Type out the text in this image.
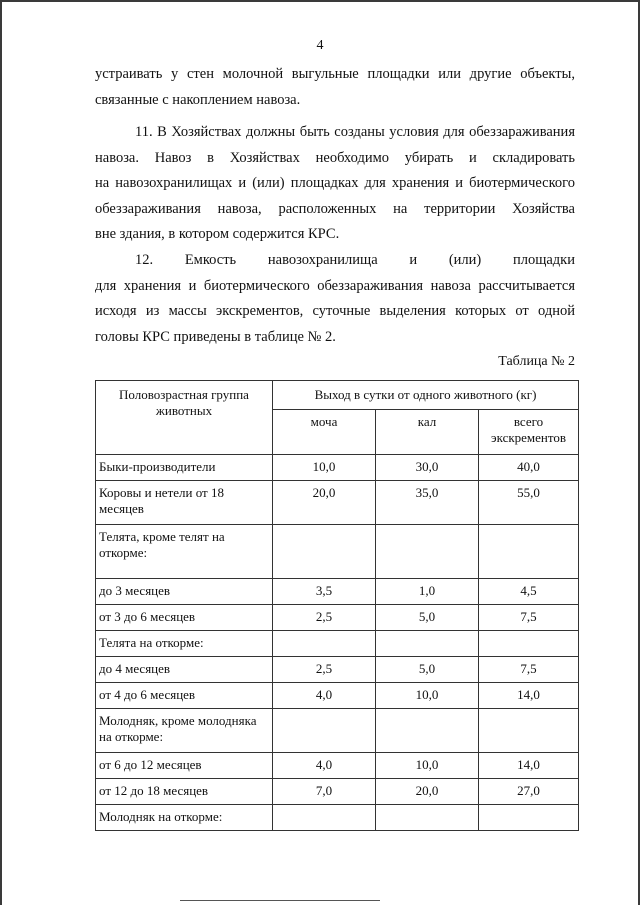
4

устраивать у стен молочной выгульные площадки или другие объекты,

связанные с накоплением навоза.

11. В Хозяйствах должны быть созданы условия для обеззараживания

навоза. Навоз в Хозяйствах необходимо убирать и складировать

на навозохранилищах и (или) площадках для хранения и биотермического

обеззараживания навоза, расположенных на территории Хозяйства

вне здания, в котором содержится КРС.

12. Емкость навозохранилища и (или) площадки

для хранения и биотермического обеззараживания навоза рассчитывается

исходя из массы экскрементов, суточные выделения которых от одной

головы КРС приведены в таблице № 2.

Таблица № 2
Половозрастная группа животных	Выход в сутки от одного животного (кг)		
	моча	кал	всего экскрементов
Быки-производители	10,0	30,0	40,0
Коровы и нетели от 18 месяцев	20,0	35,0	55,0
Телята, кроме телят на откорме:			
до 3 месяцев	3,5	1,0	4,5
от 3 до 6 месяцев	2,5	5,0	7,5
Телята на откорме:			
до 4 месяцев	2,5	5,0	7,5
от 4 до 6 месяцев	4,0	10,0	14,0
Молодняк, кроме молодняка на откорме:			
от 6 до 12 месяцев	4,0	10,0	14,0
от 12 до 18 месяцев	7,0	20,0	27,0
Молодняк на откорме:			
